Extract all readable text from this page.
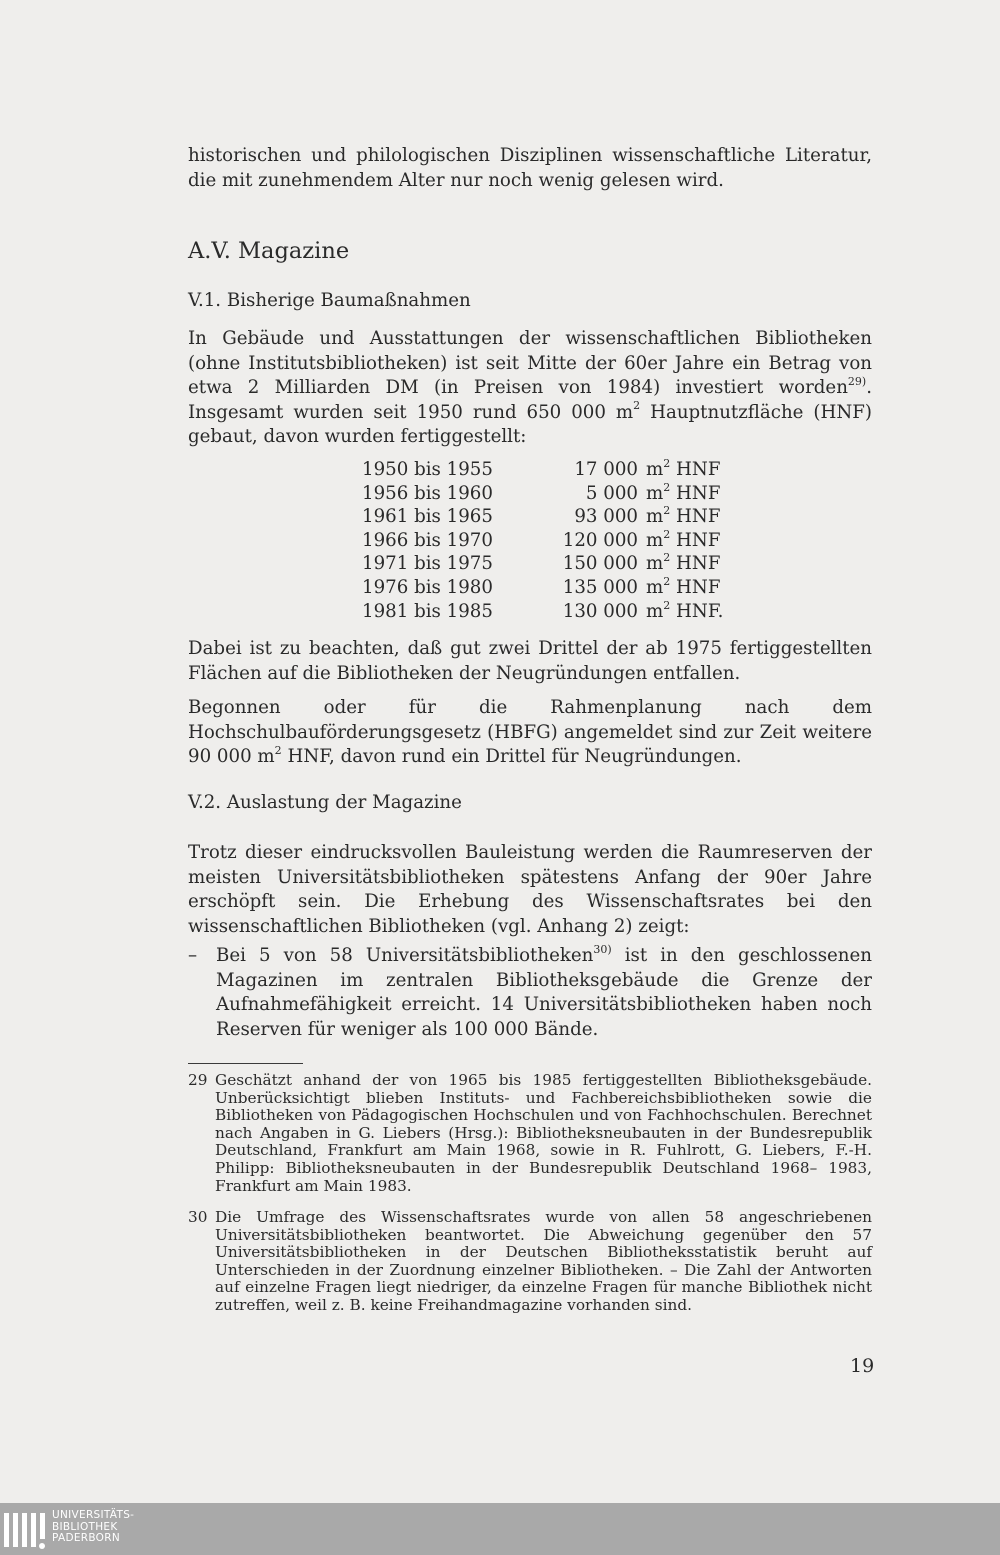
historischen und philologischen Disziplinen wissenschaftliche Literatur, die mit zunehmendem Alter nur noch wenig gelesen wird.

A.V. Magazine
V.1. Bisherige Baumaßnahmen

In Gebäude und Ausstattungen der wissenschaftlichen Bibliotheken (ohne Institutsbibliotheken) ist seit Mitte der 60er Jahre ein Betrag von etwa 2 Milliarden DM (in Preisen von 1984) investiert worden$^{29)}$. Insgesamt wurden seit 1950 rund 650 000 $m^2$ Hauptnutzfläche (HNF) gebaut, davon wurden fertiggestellt:

1950 bis 1955	17 000	$m^2$ HNF
1956 bis 1960	5 000	$m^2$ HNF
1961 bis 1965	93 000	$m^2$ HNF
1966 bis 1970	120 000	$m^2$ HNF
1971 bis 1975	150 000	$m^2$ HNF
1976 bis 1980	135 000	$m^2$ HNF
1981 bis 1985	130 000	$m^2$ HNF.

Dabei ist zu beachten, daß gut zwei Drittel der ab 1975 fertiggestellten Flächen auf die Bibliotheken der Neugründungen entfallen.

Begonnen oder für die Rahmenplanung nach dem Hochschulbauförderungsgesetz (HBFG) angemeldet sind zur Zeit weitere 90 000 $m^2$ HNF, davon rund ein Drittel für Neugründungen.

V.2. Auslastung der Magazine

Trotz dieser eindrucksvollen Bauleistung werden die Raumreserven der meisten Universitätsbibliotheken spätestens Anfang der 90er Jahre erschöpft sein. Die Erhebung des Wissenschaftsrates bei den wissenschaftlichen Bibliotheken (vgl. Anhang 2) zeigt:

– Bei 5 von 58 Universitätsbibliotheken$^{30)}$ ist in den geschlossenen Magazinen im zentralen Bibliotheksgebäude die Grenze der Aufnahmefähigkeit erreicht. 14 Universitätsbibliotheken haben noch Reserven für weniger als 100 000 Bände.

29 Geschätzt anhand der von 1965 bis 1985 fertiggestellten Bibliotheksgebäude. Unberücksichtigt blieben Instituts- und Fachbereichsbibliotheken sowie die Bibliotheken von Pädagogischen Hochschulen und von Fachhochschulen. Berechnet nach Angaben in G. Liebers (Hrsg.): Bibliotheksneubauten in der Bundesrepublik Deutschland, Frankfurt am Main 1968, sowie in R. Fuhlrott, G. Liebers, F.-H. Philipp: Bibliotheksneubauten in der Bundesrepublik Deutschland 1968– 1983, Frankfurt am Main 1983.

30 Die Umfrage des Wissenschaftsrates wurde von allen 58 angeschriebenen Universitätsbibliotheken beantwortet. Die Abweichung gegenüber den 57 Universitätsbibliotheken in der Deutschen Bibliotheksstatistik beruht auf Unterschieden in der Zuordnung einzelner Bibliotheken. – Die Zahl der Antworten auf einzelne Fragen liegt niedriger, da einzelne Fragen für manche Bibliothek nicht zutreffen, weil z. B. keine Freihandmagazine vorhanden sind.

19
UNIVERSITÄTS-
BIBLIOTHEK
PADERBORN
